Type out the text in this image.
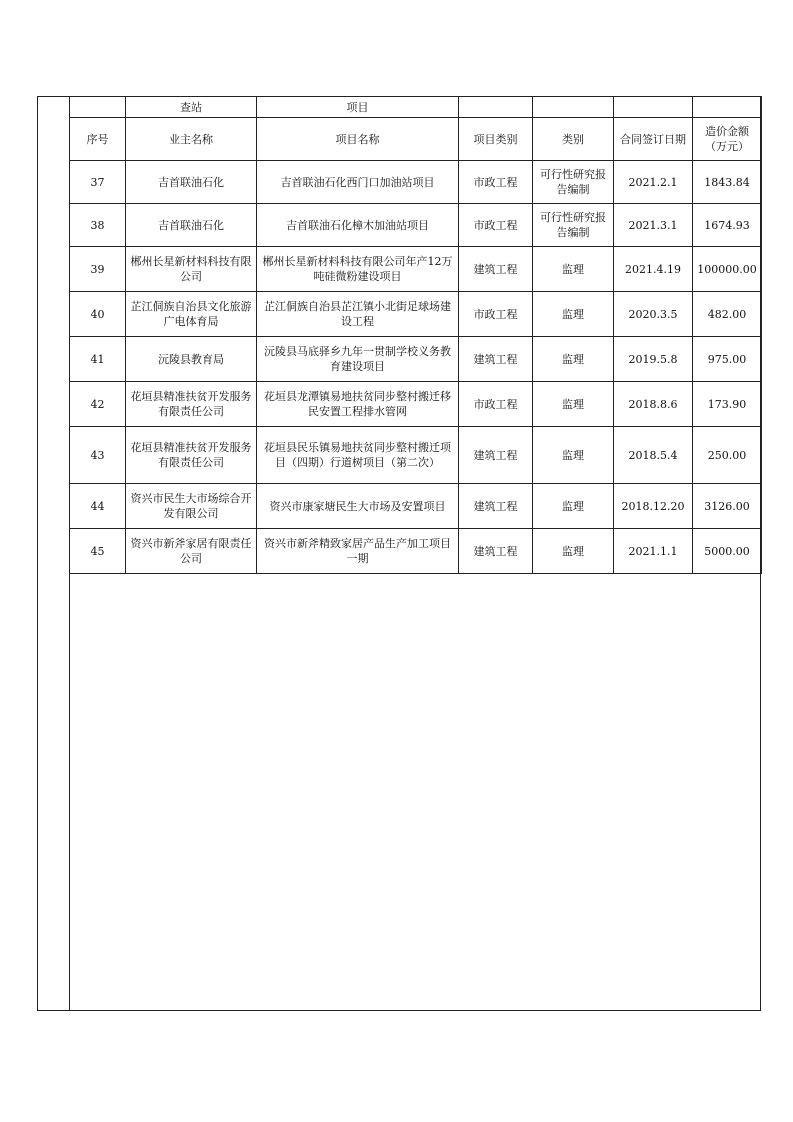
	查站	项目				
序号	业主名称	项目名称	项目类别	类别	合同签订日期	造价金额（万元）
37	吉首联油石化	吉首联油石化西门口加油站项目	市政工程	可行性研究报告编制	2021.2.1	1843.84
38	吉首联油石化	吉首联油石化樟木加油站项目	市政工程	可行性研究报告编制	2021.3.1	1674.93
39	郴州长星新材料科技有限公司	郴州长星新材料科技有限公司年产12万吨硅微粉建设项目	建筑工程	监理	2021.4.19	100000.00
40	芷江侗族自治县文化旅游广电体育局	芷江侗族自治县芷江镇小北街足球场建设工程	市政工程	监理	2020.3.5	482.00
41	沅陵县教育局	沅陵县马底驿乡九年一贯制学校义务教育建设项目	建筑工程	监理	2019.5.8	975.00
42	花垣县精准扶贫开发服务有限责任公司	花垣县龙潭镇易地扶贫同步整村搬迁移民安置工程排水管网	市政工程	监理	2018.8.6	173.90
43	花垣县精准扶贫开发服务有限责任公司	花垣县民乐镇易地扶贫同步整村搬迁项目（四期）行道树项目（第二次）	建筑工程	监理	2018.5.4	250.00
44	资兴市民生大市场综合开发有限公司	资兴市康家塘民生大市场及安置项目	建筑工程	监理	2018.12.20	3126.00
45	资兴市新斧家居有限责任公司	资兴市新斧精致家居产品生产加工项目一期	建筑工程	监理	2021.1.1	5000.00
